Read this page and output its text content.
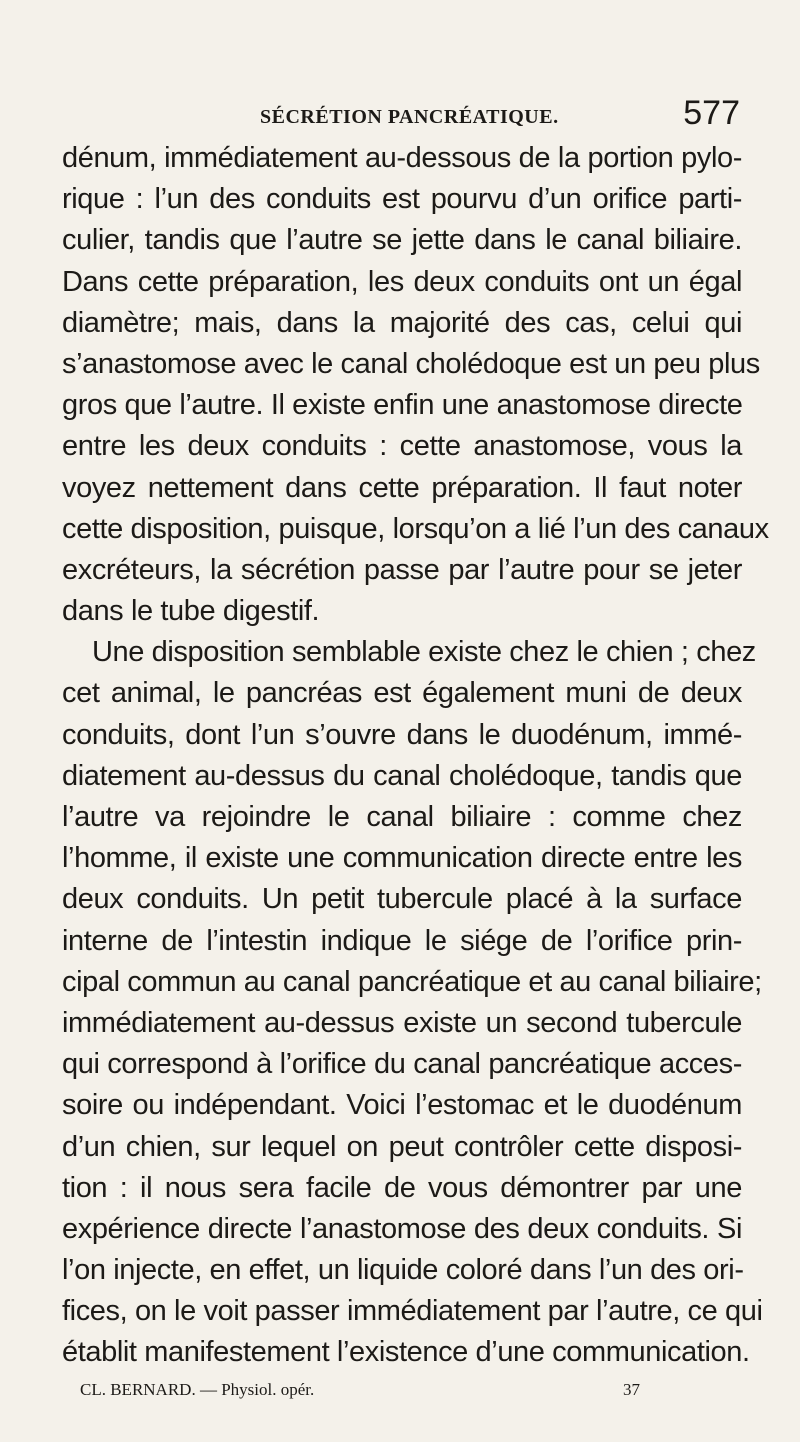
SÉCRÉTION PANCRÉATIQUE.	577
dénum, immédiatement au-dessous de la portion pylo-
rique : l’un des conduits est pourvu d’un orifice parti-
culier, tandis que l’autre se jette dans le canal biliaire.
Dans cette préparation, les deux conduits ont un égal
diamètre; mais, dans la majorité des cas, celui qui
s’anastomose avec le canal cholédoque est un peu plus
gros que l’autre. Il existe enfin une anastomose directe
entre les deux conduits : cette anastomose, vous la
voyez nettement dans cette préparation. Il faut noter
cette disposition, puisque, lorsqu’on a lié l’un des canaux
excréteurs, la sécrétion passe par l’autre pour se jeter
dans le tube digestif.
Une disposition semblable existe chez le chien ; chez
cet animal, le pancréas est également muni de deux
conduits, dont l’un s’ouvre dans le duodénum, immé-
diatement au-dessus du canal cholédoque, tandis que
l’autre va rejoindre le canal biliaire : comme chez
l’homme, il existe une communication directe entre les
deux conduits. Un petit tubercule placé à la surface
interne de l’intestin indique le siége de l’orifice prin-
cipal commun au canal pancréatique et au canal biliaire;
immédiatement au-dessus existe un second tubercule
qui correspond à l’orifice du canal pancréatique acces-
soire ou indépendant. Voici l’estomac et le duodénum
d’un chien, sur lequel on peut contrôler cette disposi-
tion : il nous sera facile de vous démontrer par une
expérience directe l’anastomose des deux conduits. Si
l’on injecte, en effet, un liquide coloré dans l’un des ori-
fices, on le voit passer immédiatement par l’autre, ce qui
établit manifestement l’existence d’une communication.
CL. BERNARD. — Physiol. opér.	37
